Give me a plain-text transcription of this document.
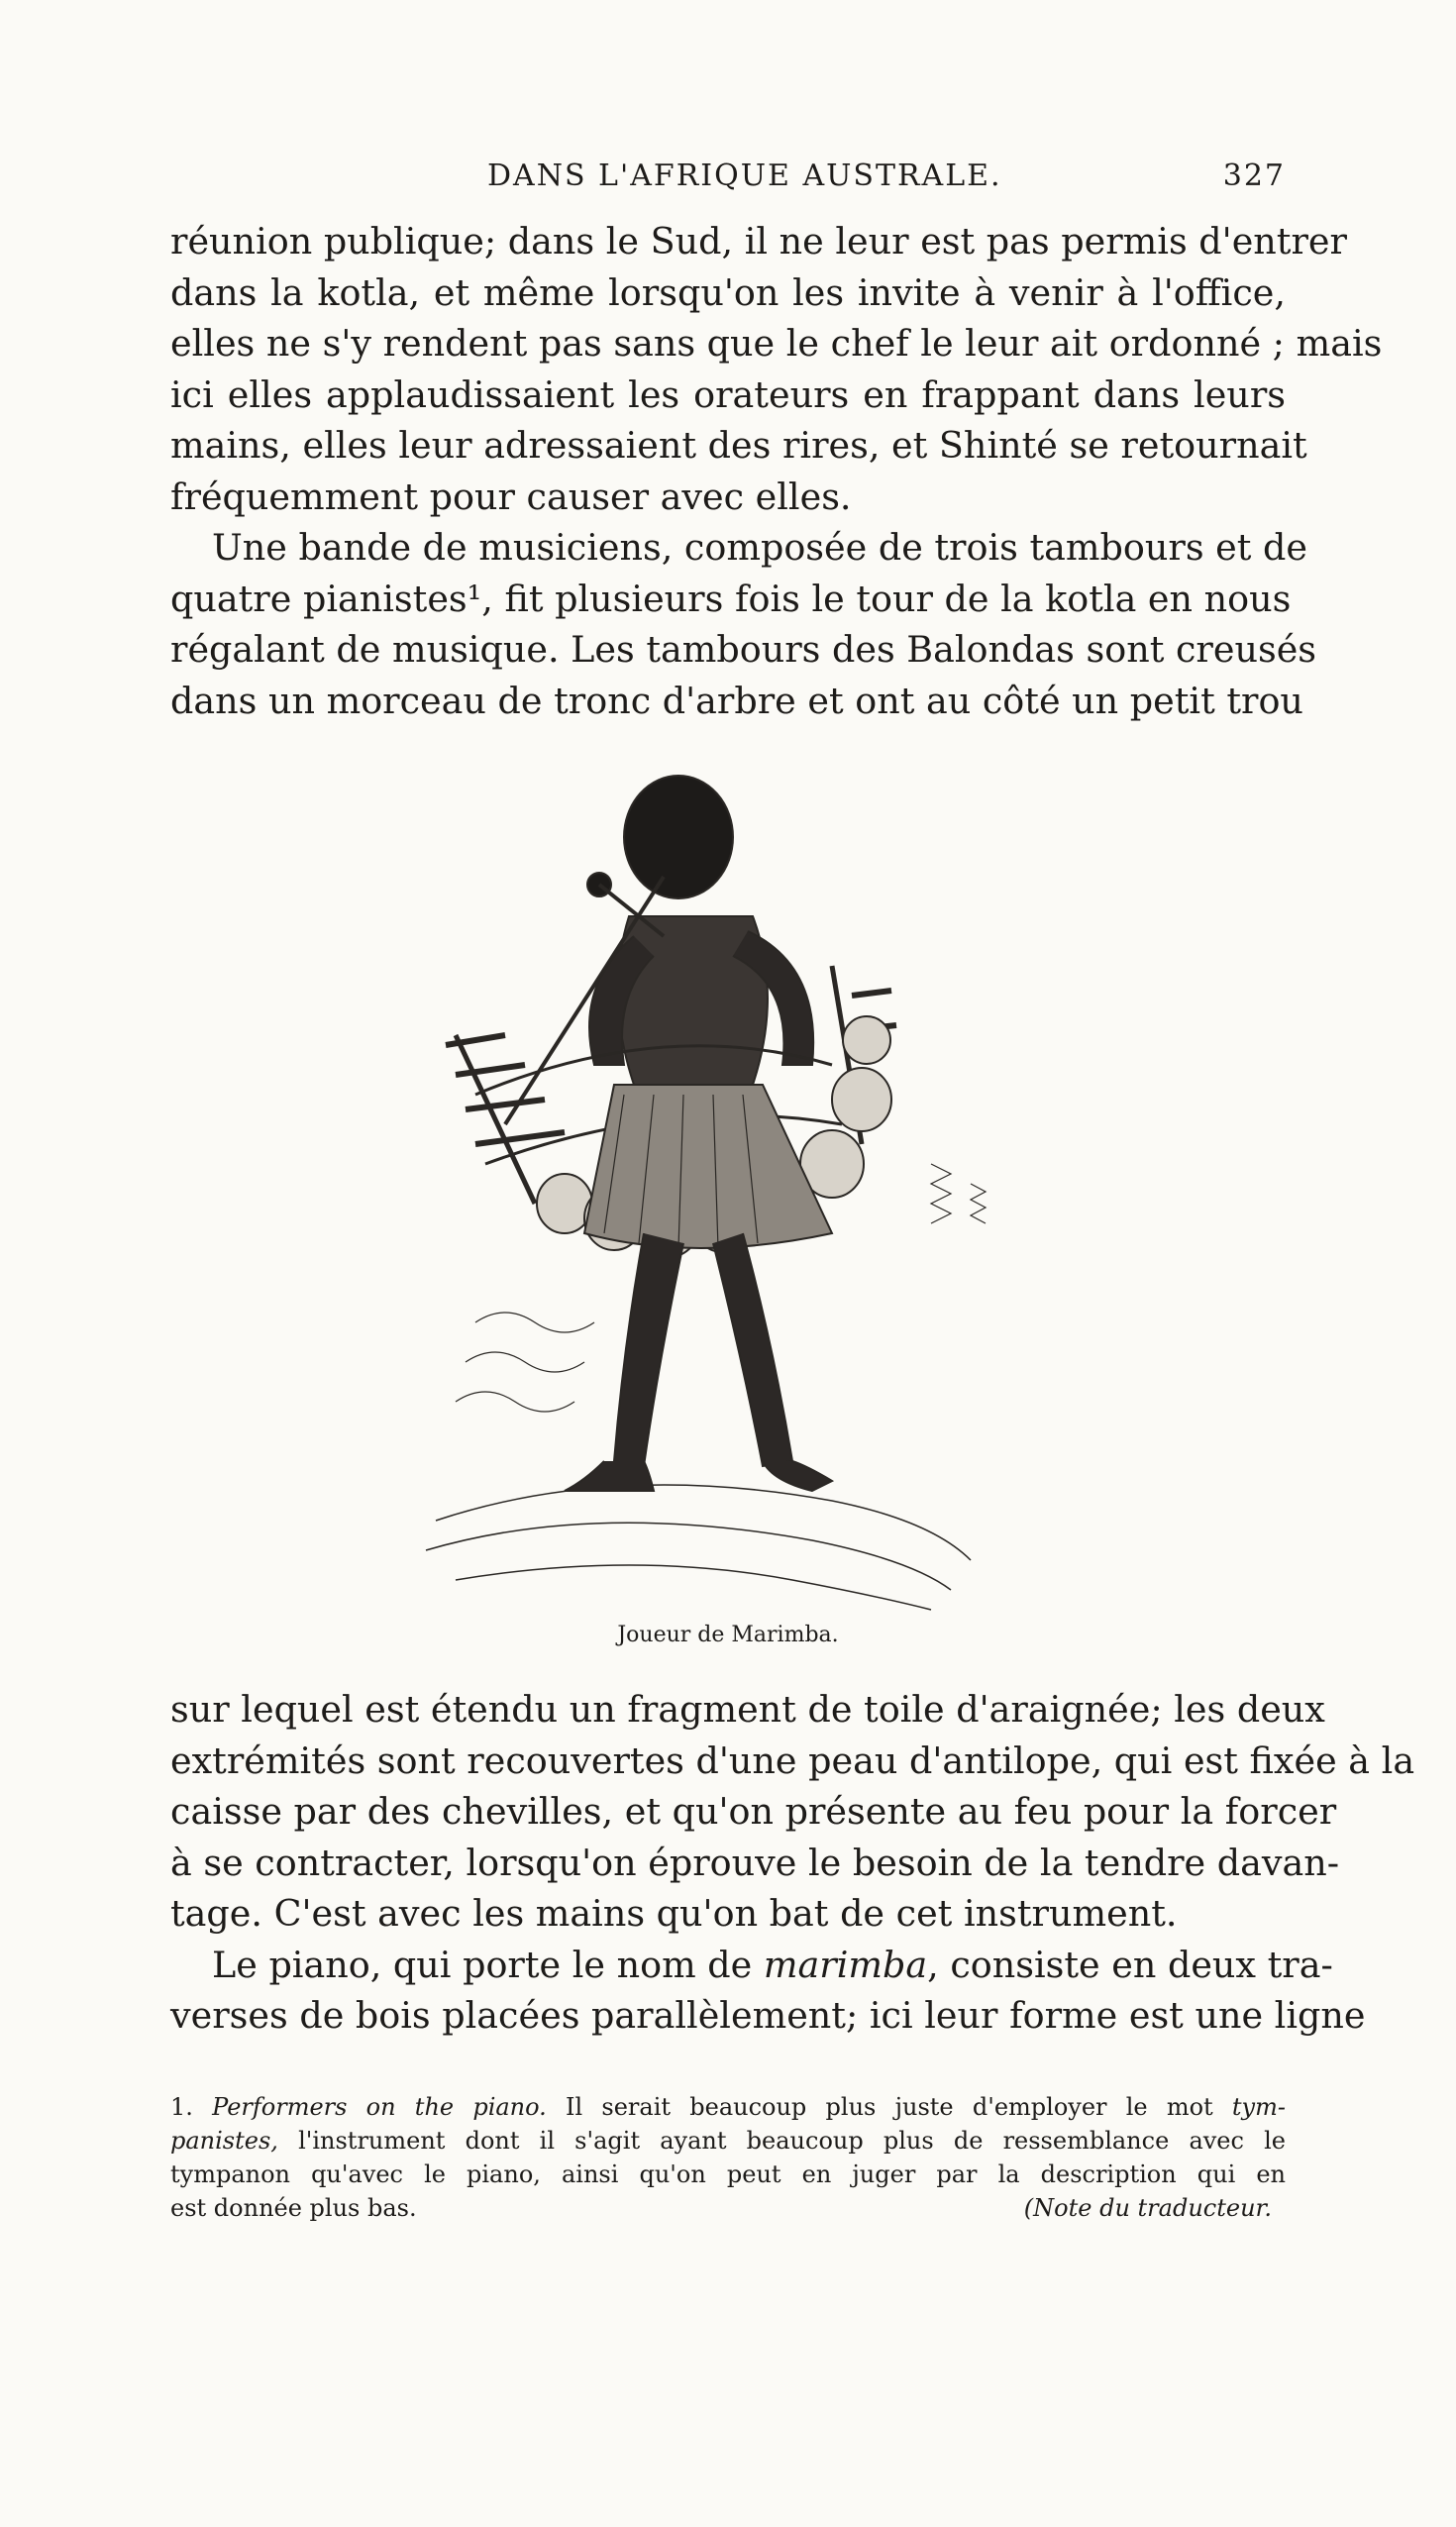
DANS L'AFRIQUE AUSTRALE.	327
réunion publique; dans le Sud, il ne leur est pas permis d'entrer
dans la kotla, et même lorsqu'on les invite à venir à l'office,
elles ne s'y rendent pas sans que le chef le leur ait ordonné ; mais
ici elles applaudissaient les orateurs en frappant dans leurs
mains, elles leur adressaient des rires, et Shinté se retournait
fréquemment pour causer avec elles.
Une bande de musiciens, composée de trois tambours et de
quatre pianistes¹, fit plusieurs fois le tour de la kotla en nous
régalant de musique. Les tambours des Balondas sont creusés
dans un morceau de tronc d'arbre et ont au côté un petit trou
Joueur de Marimba.
sur lequel est étendu un fragment de toile d'araignée; les deux
extrémités sont recouvertes d'une peau d'antilope, qui est fixée à la
caisse par des chevilles, et qu'on présente au feu pour la forcer
à se contracter, lorsqu'on éprouve le besoin de la tendre davan-
tage. C'est avec les mains qu'on bat de cet instrument.
Le piano, qui porte le nom de marimba, consiste en deux tra-
verses de bois placées parallèlement; ici leur forme est une ligne
1. Performers on the piano. Il serait beaucoup plus juste d'employer le mot tym-
panistes, l'instrument dont il s'agit ayant beaucoup plus de ressemblance avec le
tympanon qu'avec le piano, ainsi qu'on peut en juger par la description qui en
est donnée plus bas.	(Note du traducteur.
